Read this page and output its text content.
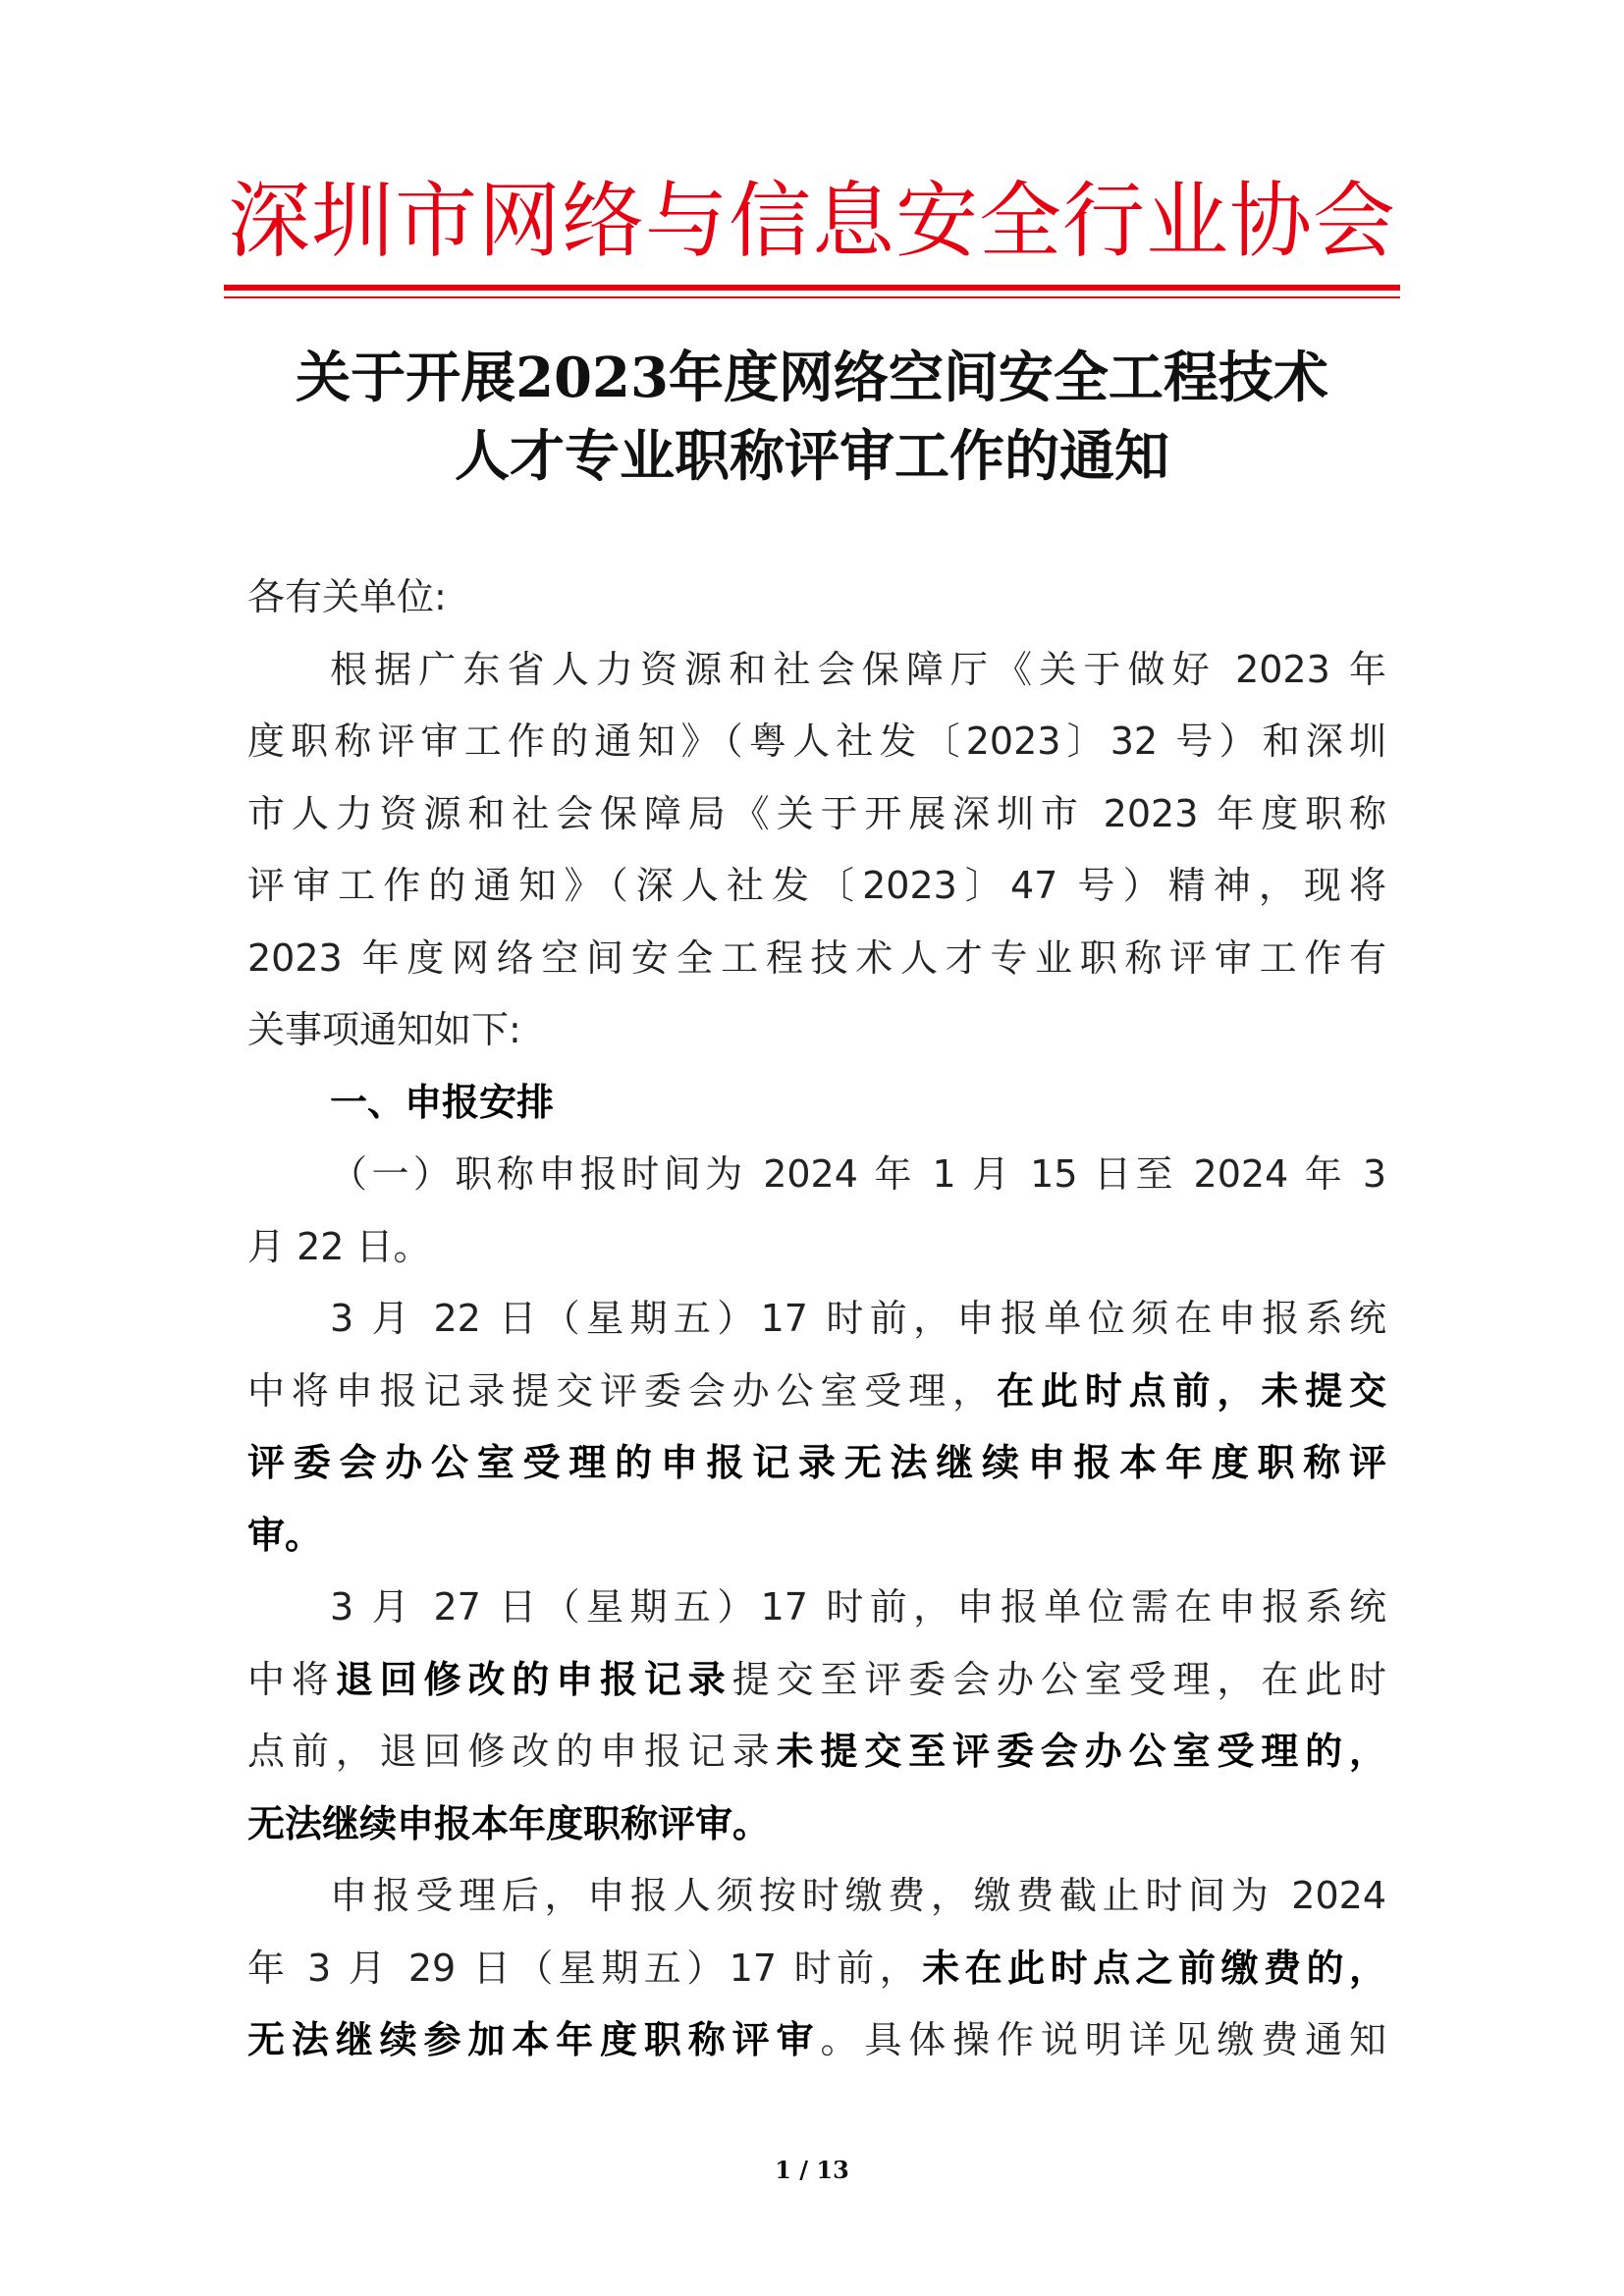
深圳市网络与信息安全行业协会
关于开展2023年度网络空间安全工程技术
人才专业职称评审工作的通知
各有关单位:
根据广东省人力资源和社会保障厅《关于做好 2023 年
度职称评审工作的通知》（粤人社发〔2023〕32 号）和深圳
市人力资源和社会保障局《关于开展深圳市 2023 年度职称
评审工作的通知》（深人社发〔2023〕47 号）精神，现将
2023 年度网络空间安全工程技术人才专业职称评审工作有
关事项通知如下:
一、申报安排
（一）职称申报时间为 2024 年 1 月 15 日至 2024 年 3
月 22 日。
3 月 22 日（星期五）17 时前，申报单位须在申报系统
中将申报记录提交评委会办公室受理，在此时点前，未提交
评委会办公室受理的申报记录无法继续申报本年度职称评
审。
3 月 27 日（星期五）17 时前，申报单位需在申报系统
中将退回修改的申报记录提交至评委会办公室受理，在此时
点前，退回修改的申报记录未提交至评委会办公室受理的，
无法继续申报本年度职称评审。
申报受理后，申报人须按时缴费，缴费截止时间为 2024
年 3 月 29 日（星期五）17 时前，未在此时点之前缴费的，
无法继续参加本年度职称评审。具体操作说明详见缴费通知
1 / 13
